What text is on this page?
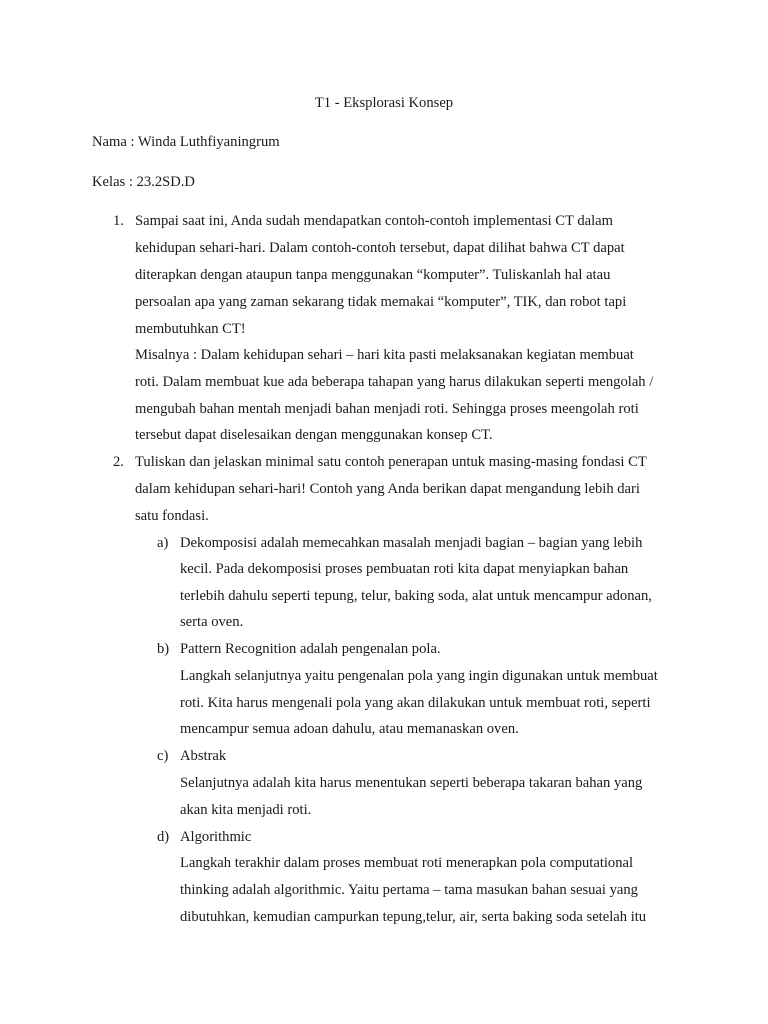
T1 - Eksplorasi Konsep
Nama : Winda Luthfiyaningrum
Kelas : 23.2SD.D
1. Sampai saat ini, Anda sudah mendapatkan contoh-contoh implementasi CT dalam
kehidupan sehari-hari. Dalam contoh-contoh tersebut, dapat dilihat bahwa CT dapat
diterapkan dengan ataupun tanpa menggunakan “komputer”. Tuliskanlah hal atau
persoalan apa yang zaman sekarang tidak memakai “komputer”, TIK, dan robot tapi
membutuhkan CT!
Misalnya : Dalam kehidupan sehari – hari kita pasti melaksanakan kegiatan membuat
roti. Dalam membuat kue ada beberapa tahapan yang harus dilakukan seperti mengolah /
mengubah bahan mentah menjadi bahan menjadi roti. Sehingga proses meengolah roti
tersebut dapat diselesaikan dengan menggunakan konsep CT.
2. Tuliskan dan jelaskan minimal satu contoh penerapan untuk masing-masing fondasi CT
dalam kehidupan sehari-hari! Contoh yang Anda berikan dapat mengandung lebih dari
satu fondasi.
a) Dekomposisi adalah memecahkan masalah menjadi bagian – bagian yang lebih
kecil. Pada dekomposisi proses pembuatan roti kita dapat menyiapkan bahan
terlebih dahulu seperti tepung, telur, baking soda, alat untuk mencampur adonan,
serta oven.
b) Pattern Recognition adalah pengenalan pola.
Langkah selanjutnya yaitu pengenalan pola yang ingin digunakan untuk membuat
roti. Kita harus mengenali pola yang akan dilakukan untuk membuat roti, seperti
mencampur semua adoan dahulu, atau memanaskan oven.
c) Abstrak
Selanjutnya adalah kita harus menentukan seperti beberapa takaran bahan yang
akan kita menjadi roti.
d) Algorithmic
Langkah terakhir dalam proses membuat roti menerapkan pola computational
thinking adalah algorithmic. Yaitu pertama – tama masukan bahan sesuai yang
dibutuhkan, kemudian campurkan tepung,telur, air, serta baking soda setelah itu
